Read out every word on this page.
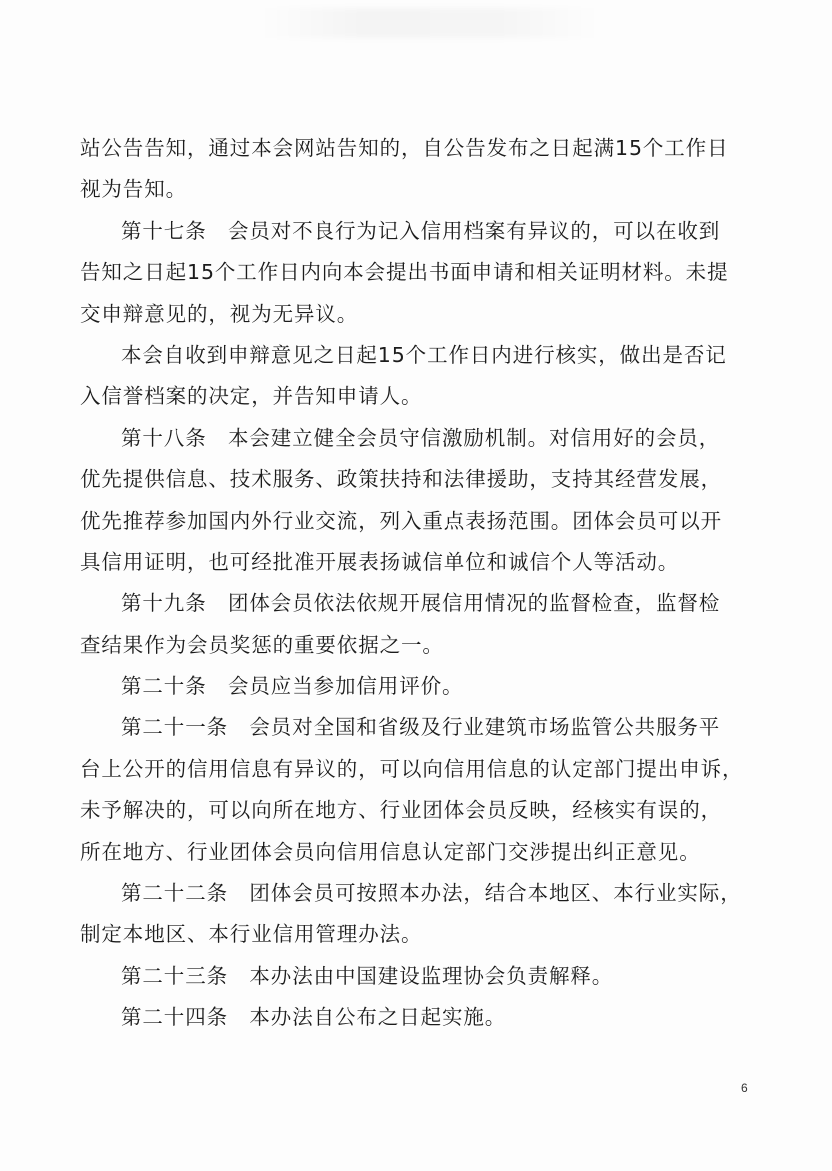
站公告告知，通过本会网站告知的，自公告发布之日起满15个工作日
视为告知。
第十七条　会员对不良行为记入信用档案有异议的，可以在收到
告知之日起15个工作日内向本会提出书面申请和相关证明材料。未提
交申辩意见的，视为无异议。
本会自收到申辩意见之日起15个工作日内进行核实，做出是否记
入信誉档案的决定，并告知申请人。
第十八条　本会建立健全会员守信激励机制。对信用好的会员，
优先提供信息、技术服务、政策扶持和法律援助，支持其经营发展，
优先推荐参加国内外行业交流，列入重点表扬范围。团体会员可以开
具信用证明，也可经批准开展表扬诚信单位和诚信个人等活动。
第十九条　团体会员依法依规开展信用情况的监督检查，监督检
查结果作为会员奖惩的重要依据之一。
第二十条　会员应当参加信用评价。
第二十一条　会员对全国和省级及行业建筑市场监管公共服务平
台上公开的信用信息有异议的，可以向信用信息的认定部门提出申诉，
未予解决的，可以向所在地方、行业团体会员反映，经核实有误的，
所在地方、行业团体会员向信用信息认定部门交涉提出纠正意见。
第二十二条　团体会员可按照本办法，结合本地区、本行业实际，
制定本地区、本行业信用管理办法。
第二十三条　本办法由中国建设监理协会负责解释。
第二十四条　本办法自公布之日起实施。
6
